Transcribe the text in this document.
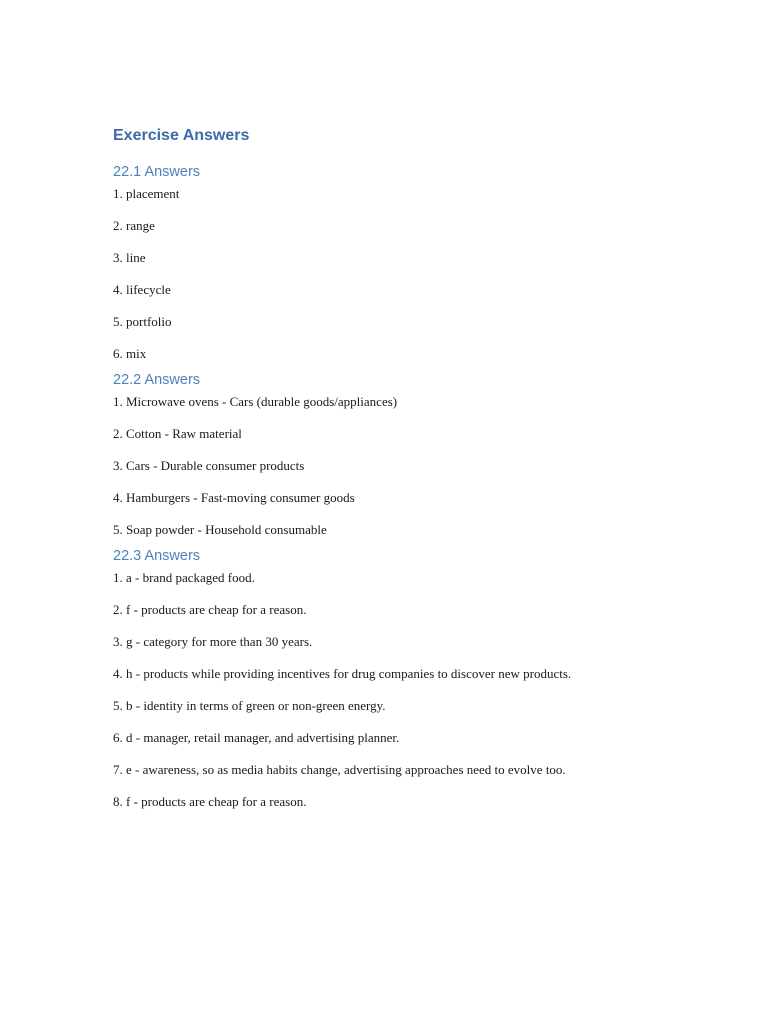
Exercise Answers
22.1 Answers

1. placement

2. range

3. line

4. lifecycle

5. portfolio

6. mix

22.2 Answers

1. Microwave ovens - Cars (durable goods/appliances)

2. Cotton - Raw material

3. Cars - Durable consumer products

4. Hamburgers - Fast-moving consumer goods

5. Soap powder - Household consumable

22.3 Answers

1. a - brand packaged food.

2. f - products are cheap for a reason.

3. g - category for more than 30 years.

4. h - products while providing incentives for drug companies to discover new products.

5. b - identity in terms of green or non-green energy.

6. d - manager, retail manager, and advertising planner.

7. e - awareness, so as media habits change, advertising approaches need to evolve too.

8. f - products are cheap for a reason.
